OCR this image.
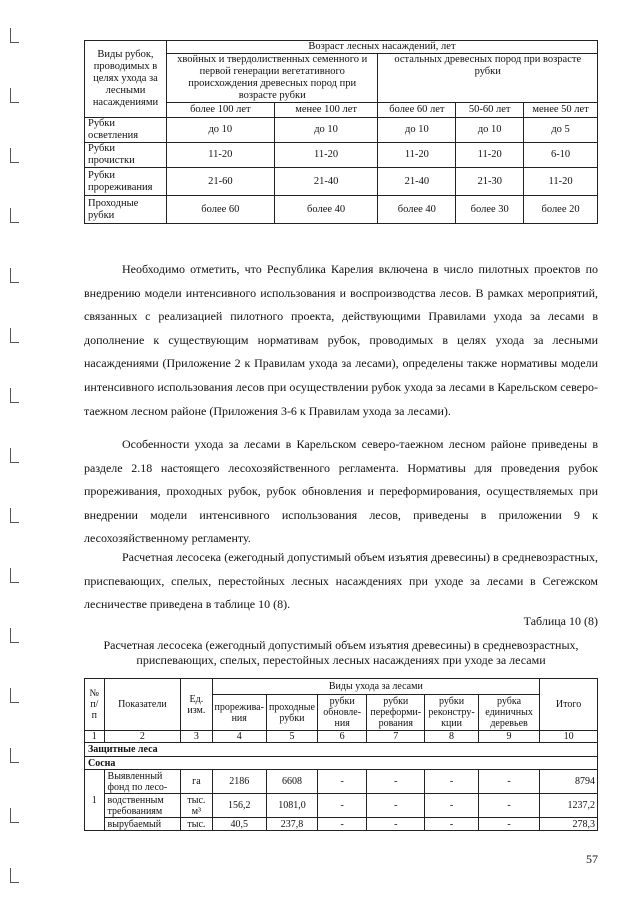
Виды рубок, проводимых в целях ухода за лесными насаждениями	Возраст лесных насаждений, лет				
	хвойных и твердолиственных семенного и первой генерации вегетативного происхождения древесных пород при возрасте рубки		остальных древесных пород при возрасте рубки		
	более 100 лет	менее 100 лет	более 60 лет	50-60 лет	менее 50 лет
Рубки осветления	до 10	до 10	до 10	до 10	до 5
Рубки прочистки	11-20	11-20	11-20	11-20	6-10
Рубки прореживания	21-60	21-40	21-40	21-30	11-20
Проходные рубки	более 60	более 40	более 40	более 30	более 20

Необходимо отметить, что Республика Карелия включена в число пилотных проектов по внедрению модели интенсивного использования и воспроизводства лесов. В рамках мероприятий, связанных с реализацией пилотного проекта, действующими Правилами ухода за лесами в дополнение к существующим нормативам рубок, проводимых в целях ухода за лесными насаждениями (Приложение 2 к Правилам ухода за лесами), определены также нормативы модели интенсивного использования лесов при осуществлении рубок ухода за лесами в Карельском северо-таежном лесном районе (Приложения 3-6 к Правилам ухода за лесами).

Особенности ухода за лесами в Карельском северо-таежном лесном районе приведены в разделе 2.18 настоящего лесохозяйственного регламента. Нормативы для проведения рубок прореживания, проходных рубок, рубок обновления и переформирования, осуществляемых при внедрении модели интенсивного использования лесов, приведены в приложении 9 к лесохозяйственному регламенту.

Расчетная лесосека (ежегодный допустимый объем изъятия древесины) в средневозрастных, приспевающих, спелых, перестойных лесных насаждениях при уходе за лесами в Сегежском лесничестве приведена в таблице 10 (8).

Таблица 10 (8)

Расчетная лесосека (ежегодный допустимый объем изъятия древесины) в средневозрастных, приспевающих, спелых, перестойных лесных насаждениях при уходе за лесами

№ п/ п	Показатели	Ед. изм.	Виды ухода за лесами						Итого
			прорежива-ния	проходные рубки	рубки обновле-ния	рубки переформи-рования	рубки реконстру-кции	рубка единичных деревьев	
1	2	3	4	5	6	7	8	9	10
Защитные леса									
Сосна									
1	Выявленный фонд по лесо-	га	2186	6608	-	-	-	-	8794
	водственным требованиям	тыс. м³	156,2	1081,0	-	-	-	-	1237,2
	вырубаемый	тыс.	40,5	237,8	-	-	-	-	278,3
57
